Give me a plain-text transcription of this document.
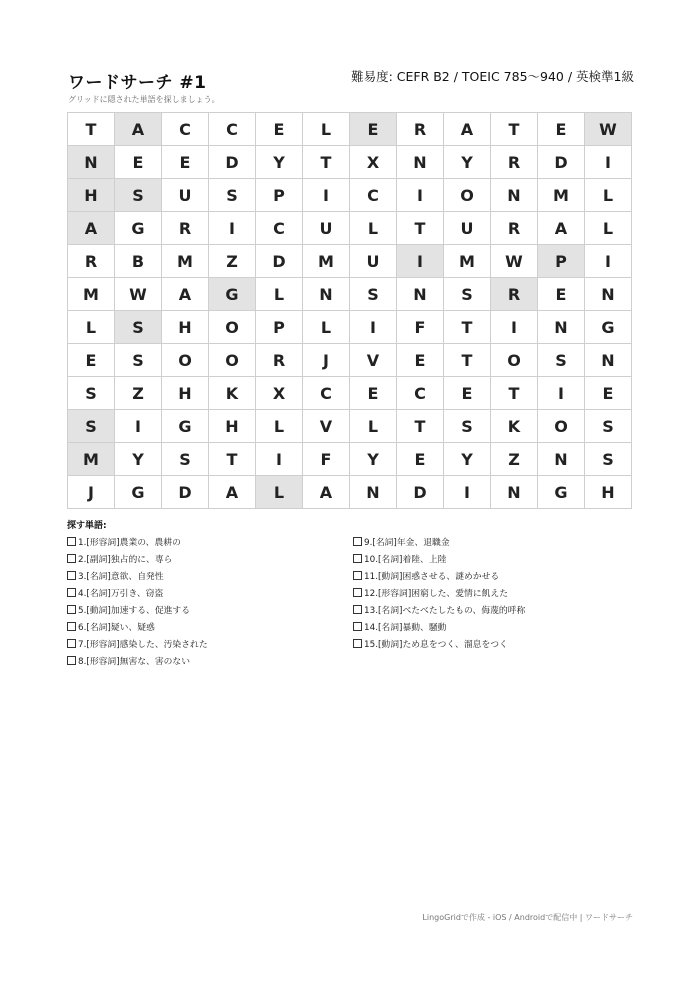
ワードサーチ #1	難易度: CEFR B2 / TOEIC 785〜940 / 英検準1級
グリッドに隠された単語を探しましょう。
T	A	C	C	E	L	E	R	A	T	E	W
N	E	E	D	Y	T	X	N	Y	R	D	I
H	S	U	S	P	I	C	I	O	N	M	L
A	G	R	I	C	U	L	T	U	R	A	L
R	B	M	Z	D	M	U	I	M	W	P	I
M	W	A	G	L	N	S	N	S	R	E	N
L	S	H	O	P	L	I	F	T	I	N	G
E	S	O	O	R	J	V	E	T	O	S	N
S	Z	H	K	X	C	E	C	E	T	I	E
S	I	G	H	L	V	L	T	S	K	O	S
M	Y	S	T	I	F	Y	E	Y	Z	N	S
J	G	D	A	L	A	N	D	I	N	G	H
探す単語:
1.[形容詞]農業の、農耕の
2.[副詞]独占的に、専ら
3.[名詞]意欲、自発性
4.[名詞]万引き、窃盗
5.[動詞]加速する、促進する
6.[名詞]疑い、疑惑
7.[形容詞]感染した、汚染された
8.[形容詞]無害な、害のない
9.[名詞]年金、退職金
10.[名詞]着陸、上陸
11.[動詞]困惑させる、謎めかせる
12.[形容詞]困窮した、愛情に飢えた
13.[名詞]べたべたしたもの、侮蔑的呼称
14.[名詞]暴動、騒動
15.[動詞]ため息をつく、溜息をつく
LingoGridで作成 - iOS / Androidで配信中 | ワードサーチ
